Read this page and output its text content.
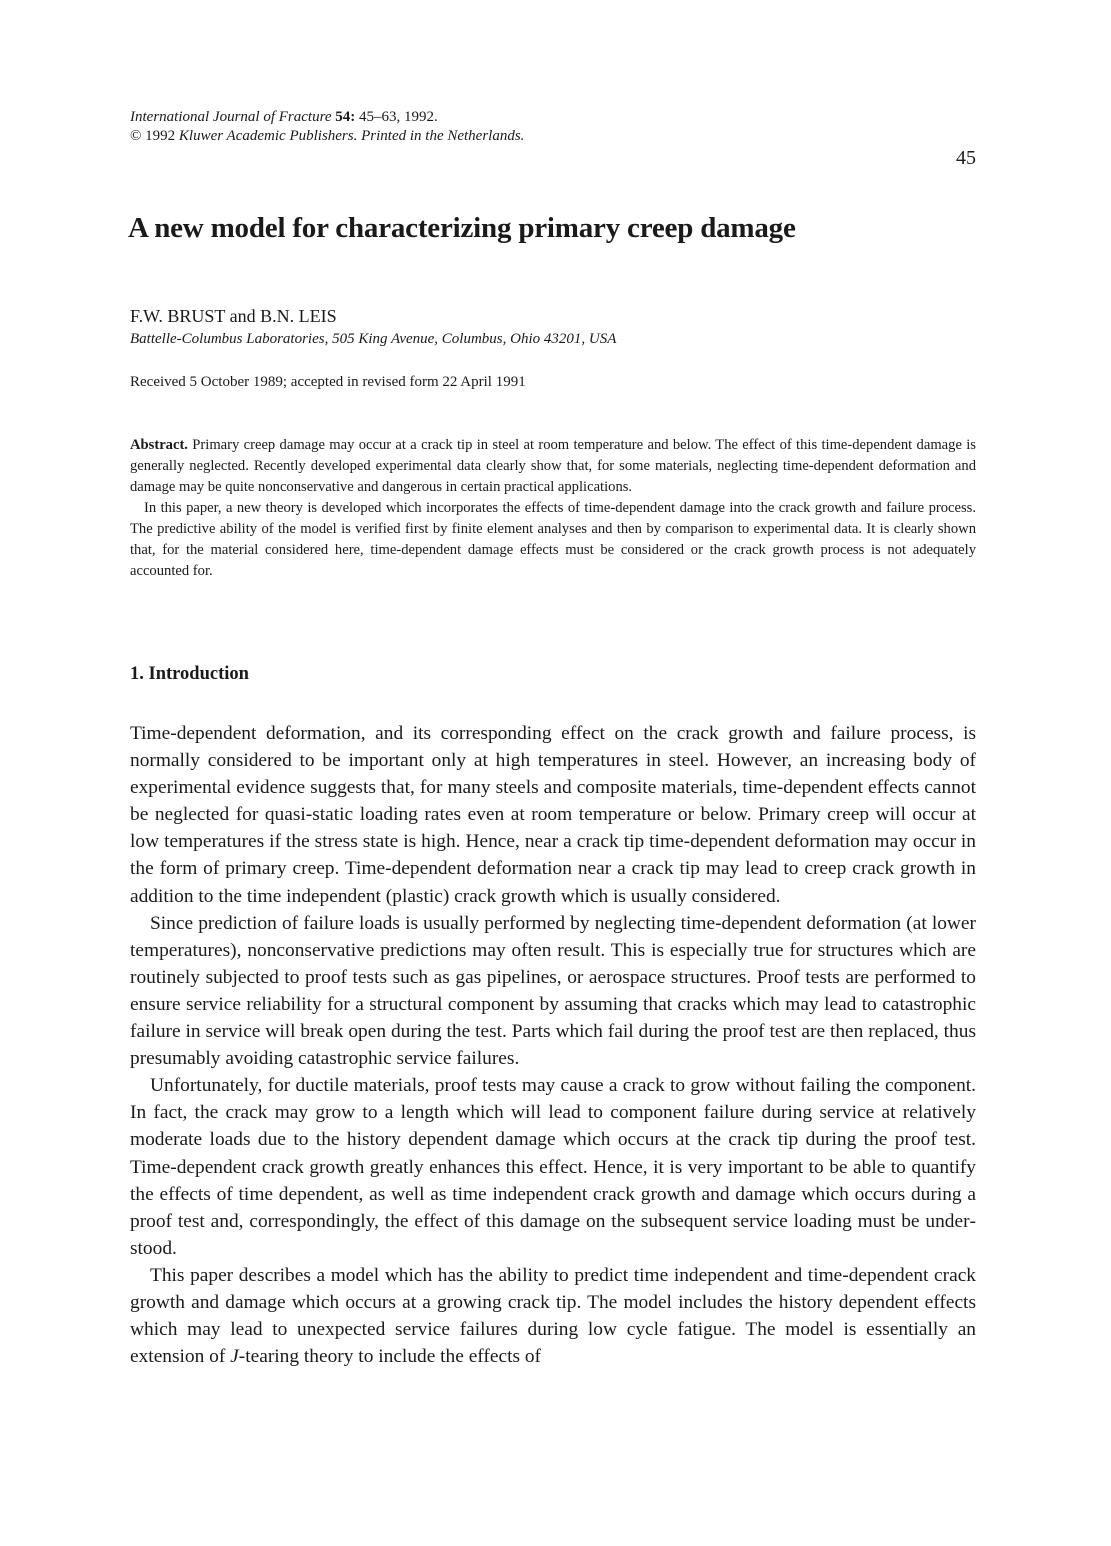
International Journal of Fracture 54: 45–63, 1992.
© 1992 Kluwer Academic Publishers. Printed in the Netherlands.
45
A new model for characterizing primary creep damage

F.W. BRUST and B.N. LEIS

Battelle-Columbus Laboratories, 505 King Avenue, Columbus, Ohio 43201, USA

Received 5 October 1989; accepted in revised form 22 April 1991

Abstract. Primary creep damage may occur at a crack tip in steel at room temperature and below. The effect of this time-dependent damage is generally neglected. Recently developed experimental data clearly show that, for some materials, neglecting time-dependent deformation and damage may be quite nonconservative and dangerous in certain practical applications.

In this paper, a new theory is developed which incorporates the effects of time-dependent damage into the crack growth and failure process. The predictive ability of the model is verified first by finite element analyses and then by comparison to experimental data. It is clearly shown that, for the material considered here, time-dependent damage effects must be considered or the crack growth process is not adequately accounted for.

1. Introduction

Time-dependent deformation, and its corresponding effect on the crack growth and failure process, is normally considered to be important only at high temperatures in steel. However, an increasing body of experimental evidence suggests that, for many steels and composite materials, time-dependent effects cannot be neglected for quasi-static loading rates even at room temperature or below. Primary creep will occur at low temperatures if the stress state is high. Hence, near a crack tip time-dependent deformation may occur in the form of primary creep. Time-dependent deformation near a crack tip may lead to creep crack growth in addition to the time independent (plastic) crack growth which is usually considered.

Since prediction of failure loads is usually performed by neglecting time-dependent deformation (at lower temperatures), nonconservative predictions may often result. This is especially true for structures which are routinely subjected to proof tests such as gas pipelines, or aerospace structures. Proof tests are performed to ensure service reliability for a structural component by assuming that cracks which may lead to catastrophic failure in service will break open during the test. Parts which fail during the proof test are then replaced, thus presumably avoiding catastrophic service failures.

Unfortunately, for ductile materials, proof tests may cause a crack to grow without failing the component. In fact, the crack may grow to a length which will lead to component failure during service at relatively moderate loads due to the history dependent damage which occurs at the crack tip during the proof test. Time-dependent crack growth greatly enhances this effect. Hence, it is very important to be able to quantify the effects of time dependent, as well as time independent crack growth and damage which occurs during a proof test and, correspondingly, the effect of this damage on the subsequent service loading must be understood.

This paper describes a model which has the ability to predict time independent and time-dependent crack growth and damage which occurs at a growing crack tip. The model includes the history dependent effects which may lead to unexpected service failures during low cycle fatigue. The model is essentially an extension of J-tearing theory to include the effects of
